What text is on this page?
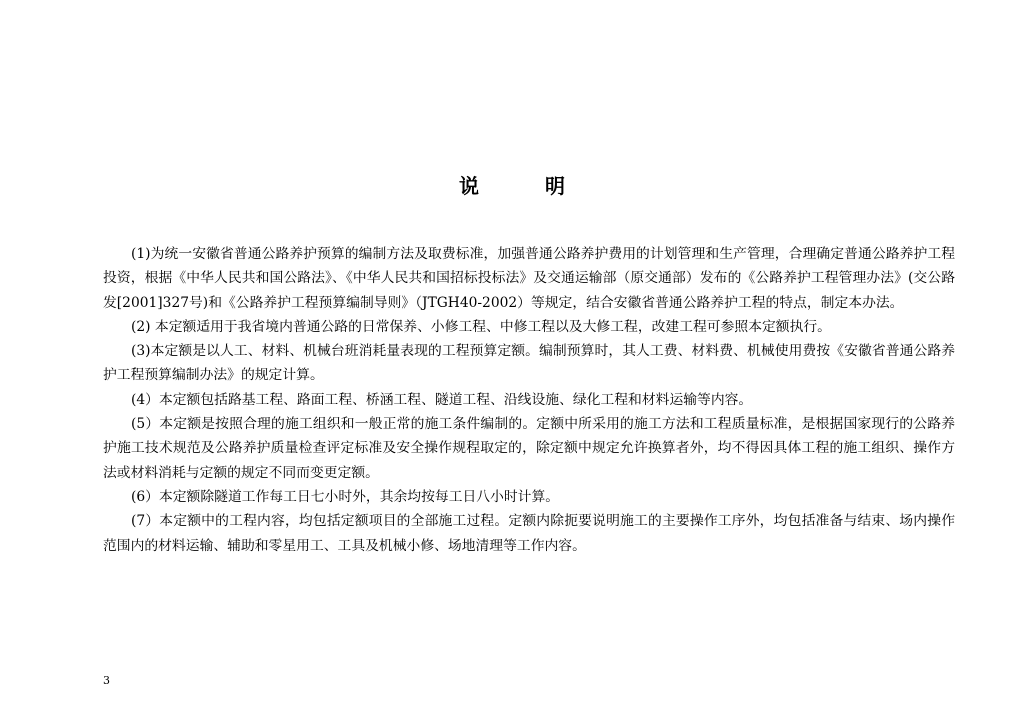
说	明

(1)为统一安徽省普通公路养护预算的编制方法及取费标准，加强普通公路养护费用的计划管理和生产管理，合理确定普通公路养护工程投资，根据《中华人民共和国公路法》、《中华人民共和国招标投标法》及交通运输部（原交通部）发布的《公路养护工程管理办法》(交公路发[2001]327号)和《公路养护工程预算编制导则》（JTGH40-2002）等规定，结合安徽省普通公路养护工程的特点，制定本办法。

(2) 本定额适用于我省境内普通公路的日常保养、小修工程、中修工程以及大修工程，改建工程可参照本定额执行。

(3)本定额是以人工、材料、机械台班消耗量表现的工程预算定额。编制预算时，其人工费、材料费、机械使用费按《安徽省普通公路养护工程预算编制办法》的规定计算。

(4）本定额包括路基工程、路面工程、桥涵工程、隧道工程、沿线设施、绿化工程和材料运输等内容。

(5）本定额是按照合理的施工组织和一般正常的施工条件编制的。定额中所采用的施工方法和工程质量标准，是根据国家现行的公路养护施工技术规范及公路养护质量检查评定标准及安全操作规程取定的，除定额中规定允许换算者外，均不得因具体工程的施工组织、操作方法或材料消耗与定额的规定不同而变更定额。

(6）本定额除隧道工作每工日七小时外，其余均按每工日八小时计算。

(7）本定额中的工程内容，均包括定额项目的全部施工过程。定额内除扼要说明施工的主要操作工序外，均包括准备与结束、场内操作范围内的材料运输、辅助和零星用工、工具及机械小修、场地清理等工作内容。

3
